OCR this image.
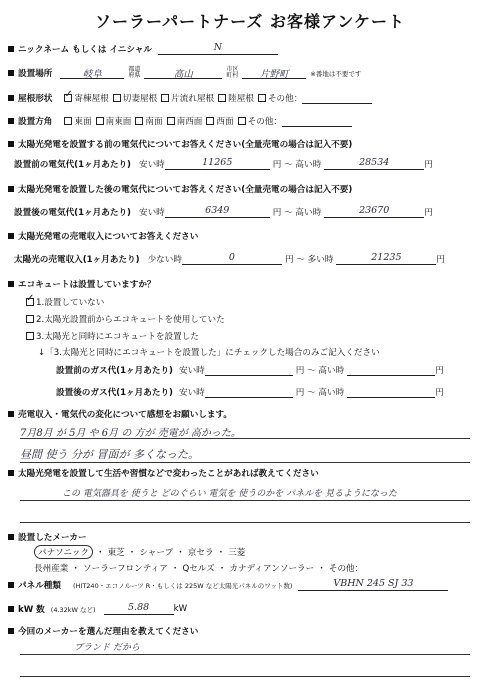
ソーラーパートナーズ お客様アンケート
ニックネーム もしくは イニシャル	N
設置場所	岐阜	都道
府県	高山	市区
町村	片野町	※番地は不要です
屋根形状
✓	寄棟屋根 切妻屋根 片流れ屋根 陸屋根 その他：
設置方角	東面 南東面 南面 南西面 西面 その他：
太陽光発電を設置する前の電気代についてお答えください(全量売電の場合は記入不要)
設置前の電気代(1ヶ月あたり) 安い時	11265	円 ～ 高い時	28534	円
太陽光発電を設置した後の電気代についてお答えください(全量売電の場合は記入不要)
設置後の電気代(1ヶ月あたり) 安い時	6349	円 ～ 高い時	23670	円
太陽光発電の売電収入についてお答えください
太陽光の売電収入(1ヶ月あたり) 少ない時	0	円 ～ 多い時	21235	円
エコキュートは設置していますか？
✓
1.設置していない
2.太陽光設置前からエコキュートを使用していた
3.太陽光と同時にエコキュートを設置した
↓「3.太陽光と同時にエコキュートを設置した」にチェックした場合のみご記入ください
設置前のガス代(1ヶ月あたり) 安い時	円 ～ 高い時	円
設置後のガス代(1ヶ月あたり) 安い時	円 ～ 高い時	円
売電収入・電気代の変化について感想をお願いします。
7月8月 が 5月 や 6月 の 方が 売電が 高かった。
昼間 使う 分が 冒面が 多くなった。
太陽光発電を設置して生活や習慣などで変わったことがあれば教えてください
この 電気器具を 使うと どのぐらい 電気を 使うのかを パネルを 見るようになった
設置したメーカー
パナソニック ・ 東芝 ・ シャープ ・ 京セラ ・ 三菱
長州産業 ・ ソーラーフロンティア ・ Qセルズ ・ カナディアンソーラー ・ その他：
パネル種類 (HIT240・エコノルーツ R・もしくは 225W など太陽光パネルのワット数)	VBHN 245 SJ 33
kW 数 (4.32kW など)	5.88	kW
今回のメーカーを選んだ理由を教えてください
ブランド だから
